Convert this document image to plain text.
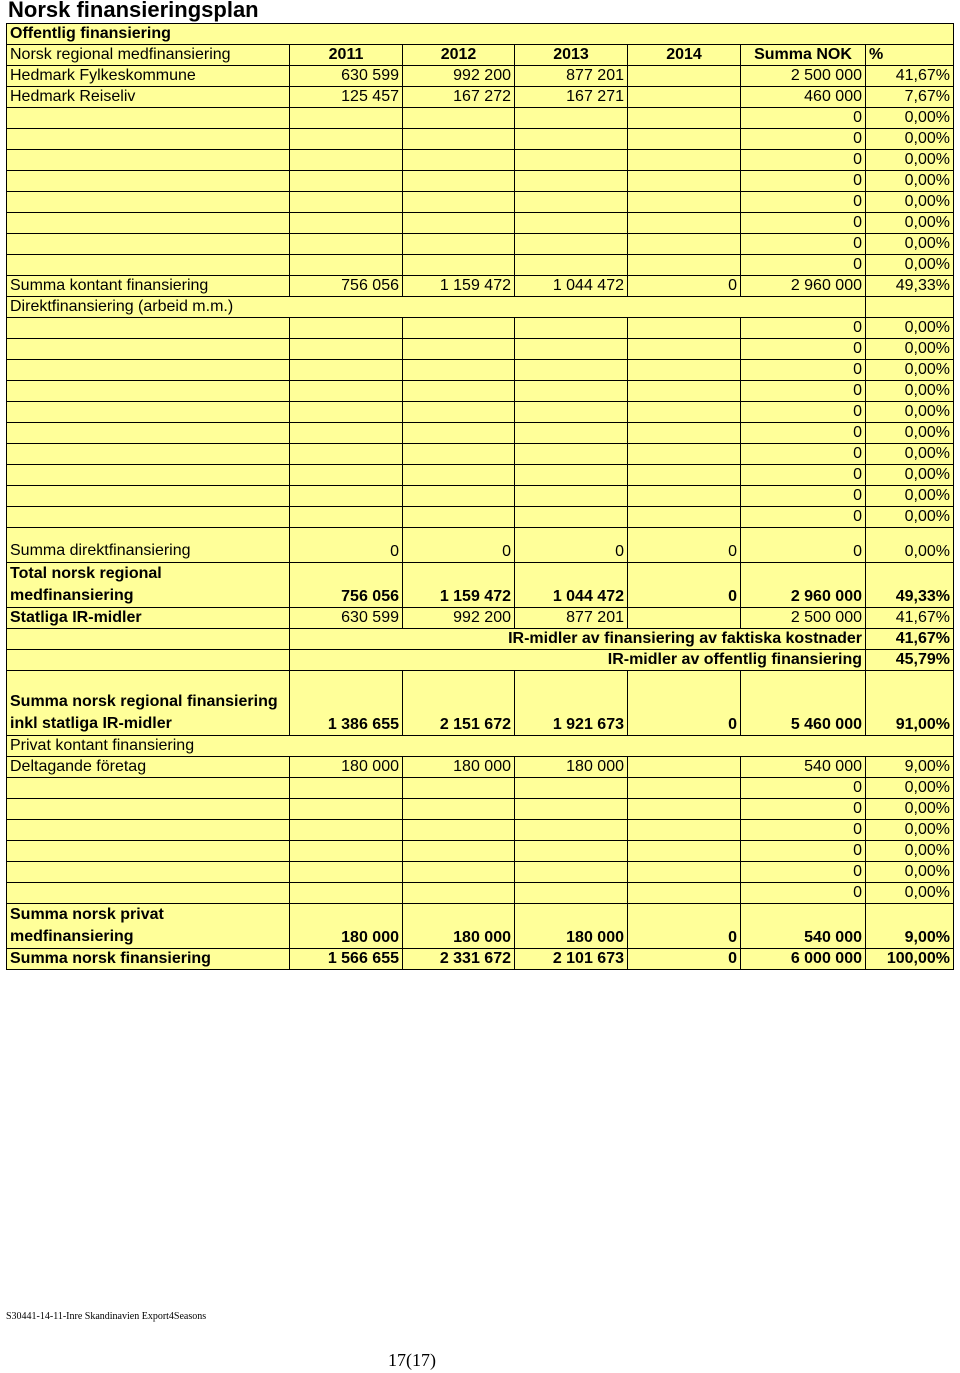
Norsk finansieringsplan
Offentlig finansiering						
Norsk regional medfinansiering	2011	2012	2013	2014	Summa NOK	%
Hedmark Fylkeskommune	630 599	992 200	877 201		2 500 000	41,67%
Hedmark Reiseliv	125 457	167 272	167 271		460 000	7,67%
					0	0,00%
					0	0,00%
					0	0,00%
					0	0,00%
					0	0,00%
					0	0,00%
					0	0,00%
					0	0,00%
Summa kontant finansiering	756 056	1 159 472	1 044 472	0	2 960 000	49,33%
Direktfinansiering (arbeid m.m.)						
					0	0,00%
					0	0,00%
					0	0,00%
					0	0,00%
					0	0,00%
					0	0,00%
					0	0,00%
					0	0,00%
					0	0,00%
					0	0,00%
Summa direktfinansiering	0	0	0	0	0	0,00%
Total norsk regional medfinansiering	756 056	1 159 472	1 044 472	0	2 960 000	49,33%
Statliga IR-midler	630 599	992 200	877 201		2 500 000	41,67%
	IR-midler av finansiering av faktiska kostnader					41,67%
	IR-midler av offentlig finansiering					45,79%
Summa norsk regional finansiering inkl statliga IR-midler	1 386 655	2 151 672	1 921 673	0	5 460 000	91,00%
Privat kontant finansiering						
Deltagande företag	180 000	180 000	180 000		540 000	9,00%
					0	0,00%
					0	0,00%
					0	0,00%
					0	0,00%
					0	0,00%
					0	0,00%
Summa norsk privat medfinansiering	180 000	180 000	180 000	0	540 000	9,00%
Summa norsk finansiering	1 566 655	2 331 672	2 101 673	0	6 000 000	100,00%
S30441-14-11-Inre Skandinavien Export4Seasons
17(17)
